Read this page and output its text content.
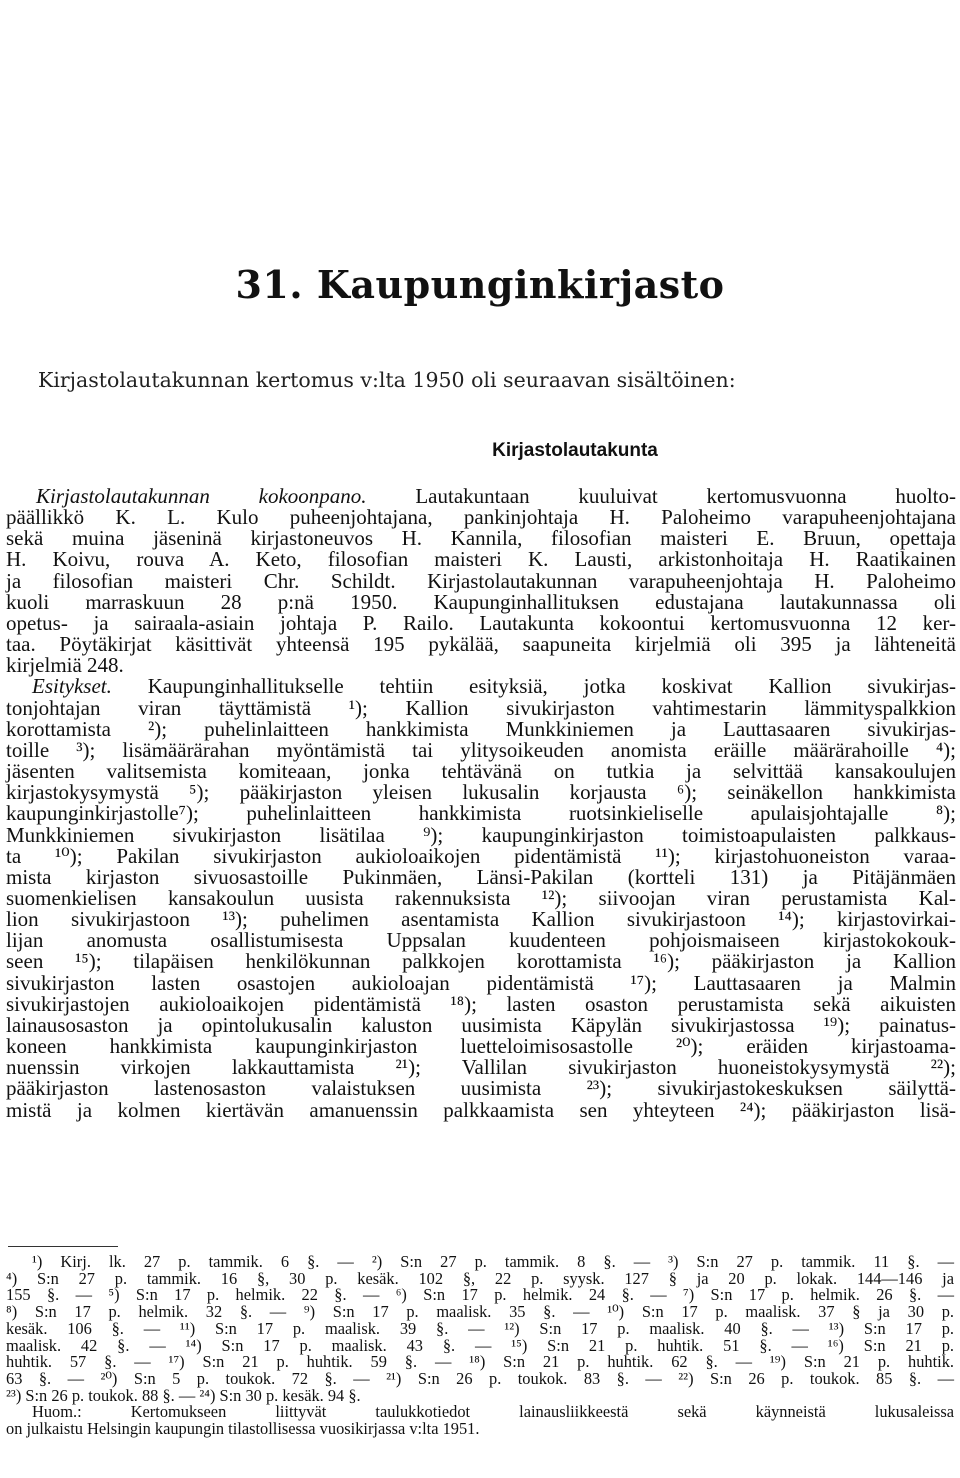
31. Kaupunginkirjasto

Kirjastolautakunnan kertomus v:lta 1950 oli seuraavan sisältöinen:

Kirjastolautakunta
Kirjastolautakunnan kokoonpano. Lautakuntaan kuuluivat kertomusvuonna huolto-
päällikkö K. L. Kulo puheenjohtajana, pankinjohtaja H. Paloheimo varapuheenjohtajana
sekä muina jäseninä kirjastoneuvos H. Kannila, filosofian maisteri E. Bruun, opettaja
H. Koivu, rouva A. Keto, filosofian maisteri K. Lausti, arkistonhoitaja H. Raatikainen
ja filosofian maisteri Chr. Schildt. Kirjastolautakunnan varapuheenjohtaja H. Paloheimo
kuoli marraskuun 28 p:nä 1950. Kaupunginhallituksen edustajana lautakunnassa oli
opetus- ja sairaala-asiain johtaja P. Railo. Lautakunta kokoontui kertomusvuonna 12 ker-
taa. Pöytäkirjat käsittivät yhteensä 195 pykälää, saapuneita kirjelmiä oli 395 ja lähteneitä
kirjelmiä 248.
Esitykset. Kaupunginhallitukselle tehtiin esityksiä, jotka koskivat Kallion sivukirjas-
tonjohtajan viran täyttämistä ¹); Kallion sivukirjaston vahtimestarin lämmityspalkkion
korottamista ²); puhelinlaitteen hankkimista Munkkiniemen ja Lauttasaaren sivukirjas-
toille ³); lisämäärärahan myöntämistä tai ylitysoikeuden anomista eräille määrärahoille ⁴);
jäsenten valitsemista komiteaan, jonka tehtävänä on tutkia ja selvittää kansakoulujen
kirjastokysymystä ⁵); pääkirjaston yleisen lukusalin korjausta ⁶); seinäkellon hankkimista
kaupunginkirjastolle⁷); puhelinlaitteen hankkimista ruotsinkieliselle apulaisjohtajalle ⁸);
Munkkiniemen sivukirjaston lisätilaa ⁹); kaupunginkirjaston toimistoapulaisten palkkaus-
ta ¹⁰); Pakilan sivukirjaston aukioloaikojen pidentämistä ¹¹); kirjastohuoneiston varaa-
mista kirjaston sivuosastoille Pukinmäen, Länsi-Pakilan (kortteli 131) ja Pitäjänmäen
suomenkielisen kansakoulun uusista rakennuksista ¹²); siivoojan viran perustamista Kal-
lion sivukirjastoon ¹³); puhelimen asentamista Kallion sivukirjastoon ¹⁴); kirjastovirkai-
lijan anomusta osallistumisesta Uppsalan kuudenteen pohjoismaiseen kirjastokokouk-
seen ¹⁵); tilapäisen henkilökunnan palkkojen korottamista ¹⁶); pääkirjaston ja Kallion
sivukirjaston lasten osastojen aukioloajan pidentämistä ¹⁷); Lauttasaaren ja Malmin
sivukirjastojen aukioloaikojen pidentämistä ¹⁸); lasten osaston perustamista sekä aikuisten
lainausosaston ja opintolukusalin kaluston uusimista Käpylän sivukirjastossa ¹⁹); painatus-
koneen hankkimista kaupunginkirjaston luetteloimisosastolle ²⁰); eräiden kirjastoama-
nuenssin virkojen lakkauttamista ²¹); Vallilan sivukirjaston huoneistokysymystä ²²);
pääkirjaston lastenosaston valaistuksen uusimista ²³); sivukirjastokeskuksen säilyttä-
mistä ja kolmen kiertävän amanuenssin palkkaamista sen yhteyteen ²⁴); pääkirjaston lisä-
¹) Kirj. lk. 27 p. tammik. 6 §. — ²) S:n 27 p. tammik. 8 §. — ³) S:n 27 p. tammik. 11 §. —
⁴) S:n 27 p. tammik. 16 §, 30 p. kesäk. 102 §, 22 p. syysk. 127 § ja 20 p. lokak. 144—146 ja
155 §. — ⁵) S:n 17 p. helmik. 22 §. — ⁶) S:n 17 p. helmik. 24 §. — ⁷) S:n 17 p. helmik. 26 §. —
⁸) S:n 17 p. helmik. 32 §. — ⁹) S:n 17 p. maalisk. 35 §. — ¹⁰) S:n 17 p. maalisk. 37 § ja 30 p.
kesäk. 106 §. — ¹¹) S:n 17 p. maalisk. 39 §. — ¹²) S:n 17 p. maalisk. 40 §. — ¹³) S:n 17 p.
maalisk. 42 §. — ¹⁴) S:n 17 p. maalisk. 43 §. — ¹⁵) S:n 21 p. huhtik. 51 §. — ¹⁶) S:n 21 p.
huhtik. 57 §. — ¹⁷) S:n 21 p. huhtik. 59 §. — ¹⁸) S:n 21 p. huhtik. 62 §. — ¹⁹) S:n 21 p. huhtik.
63 §. — ²⁰) S:n 5 p. toukok. 72 §. — ²¹) S:n 26 p. toukok. 83 §. — ²²) S:n 26 p. toukok. 85 §. —
²³) S:n 26 p. toukok. 88 §. — ²⁴) S:n 30 p. kesäk. 94 §.
Huom.: Kertomukseen liittyvät taulukkotiedot lainausliikkeestä sekä käynneistä lukusaleissa
on julkaistu Helsingin kaupungin tilastollisessa vuosikirjassa v:lta 1951.
